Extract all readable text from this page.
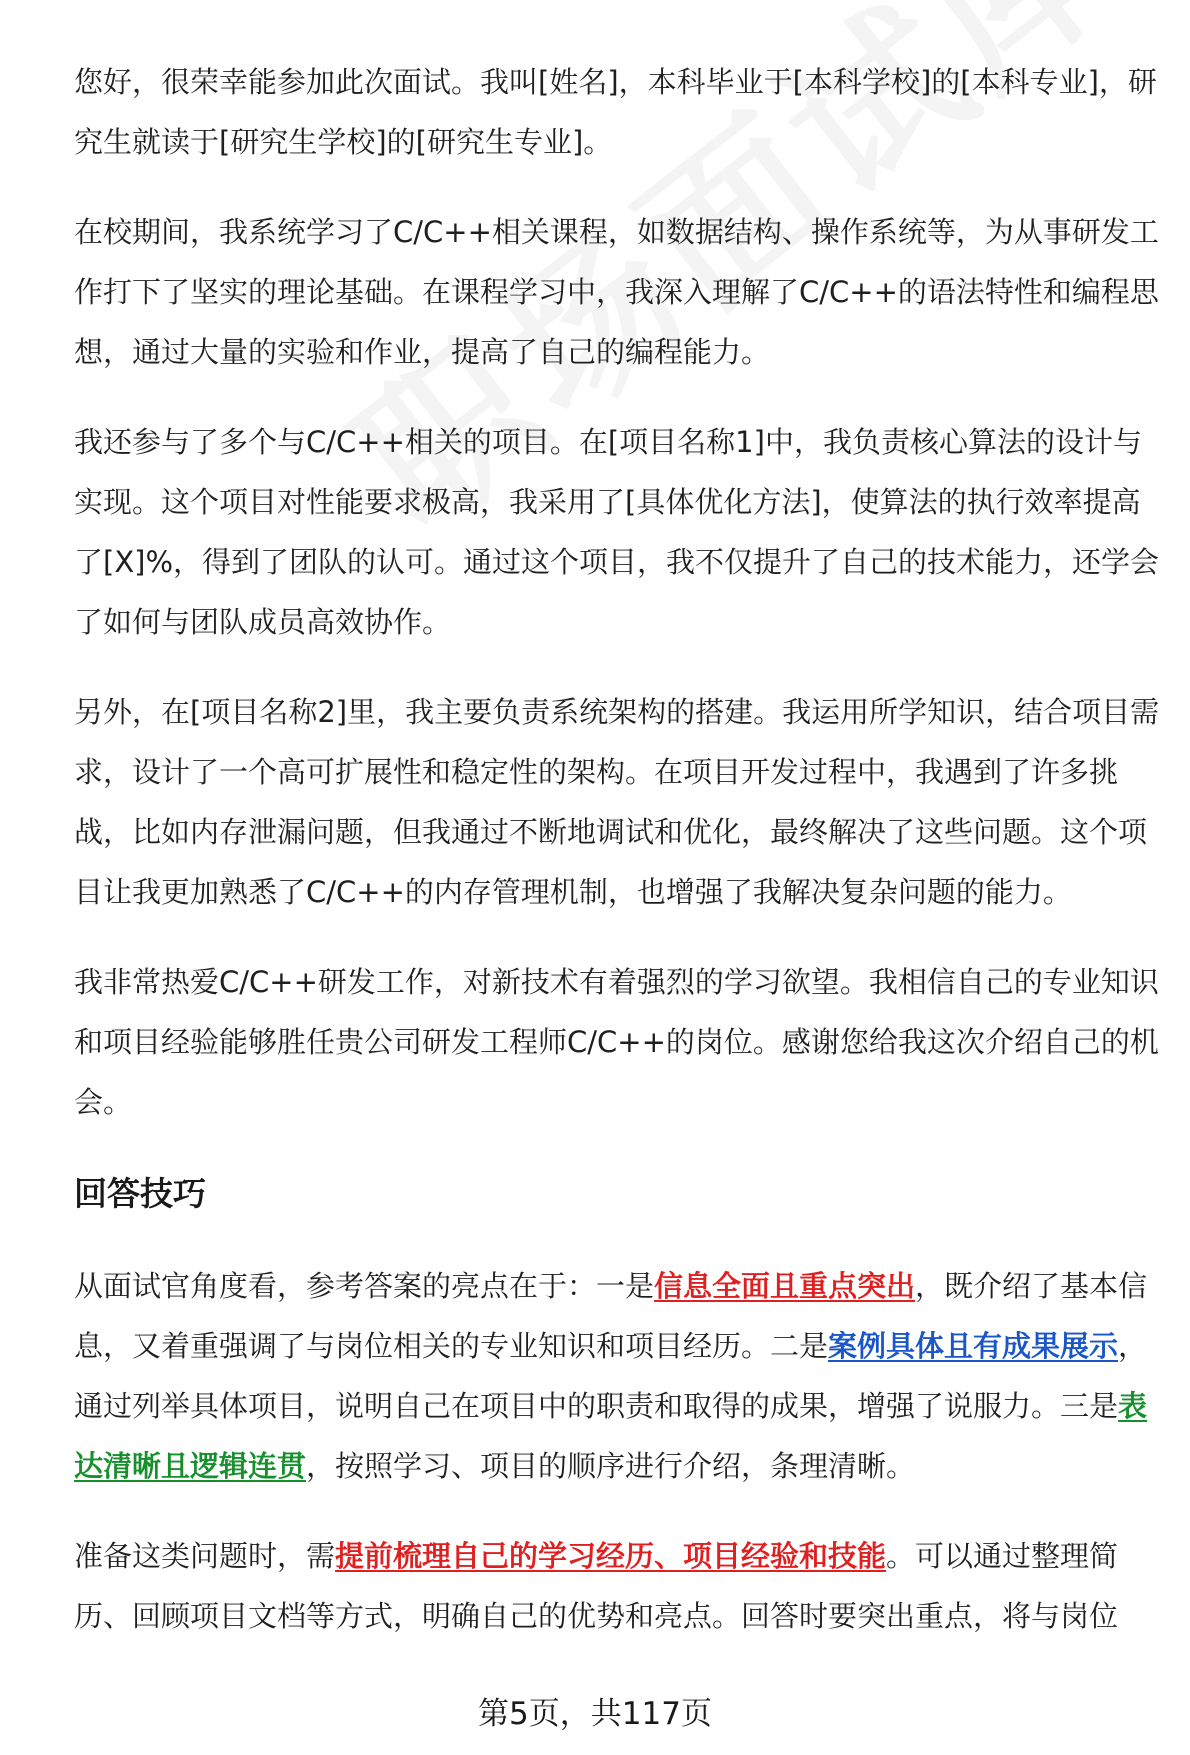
您好，很荣幸能参加此次面试。我叫[姓名]，本科毕业于[本科学校]的[本科专业]，研究生就读于[研究生学校]的[研究生专业]。

在校期间，我系统学习了C/C++相关课程，如数据结构、操作系统等，为从事研发工作打下了坚实的理论基础。在课程学习中，我深入理解了C/C++的语法特性和编程思想，通过大量的实验和作业，提高了自己的编程能力。

我还参与了多个与C/C++相关的项目。在[项目名称1]中，我负责核心算法的设计与实现。这个项目对性能要求极高，我采用了[具体优化方法]，使算法的执行效率提高了[X]%，得到了团队的认可。通过这个项目，我不仅提升了自己的技术能力，还学会了如何与团队成员高效协作。

另外，在[项目名称2]里，我主要负责系统架构的搭建。我运用所学知识，结合项目需求，设计了一个高可扩展性和稳定性的架构。在项目开发过程中，我遇到了许多挑战，比如内存泄漏问题，但我通过不断地调试和优化，最终解决了这些问题。这个项目让我更加熟悉了C/C++的内存管理机制，也增强了我解决复杂问题的能力。

我非常热爱C/C++研发工作，对新技术有着强烈的学习欲望。我相信自己的专业知识和项目经验能够胜任贵公司研发工程师C/C++的岗位。感谢您给我这次介绍自己的机会。

回答技巧

从面试官角度看，参考答案的亮点在于：一是信息全面且重点突出，既介绍了基本信息，又着重强调了与岗位相关的专业知识和项目经历。二是案例具体且有成果展示，通过列举具体项目，说明自己在项目中的职责和取得的成果，增强了说服力。三是表达清晰且逻辑连贯，按照学习、项目的顺序进行介绍，条理清晰。

准备这类问题时，需提前梳理自己的学习经历、项目经验和技能。可以通过整理简历、回顾项目文档等方式，明确自己的优势和亮点。回答时要突出重点，将与岗位

第5页，共117页
